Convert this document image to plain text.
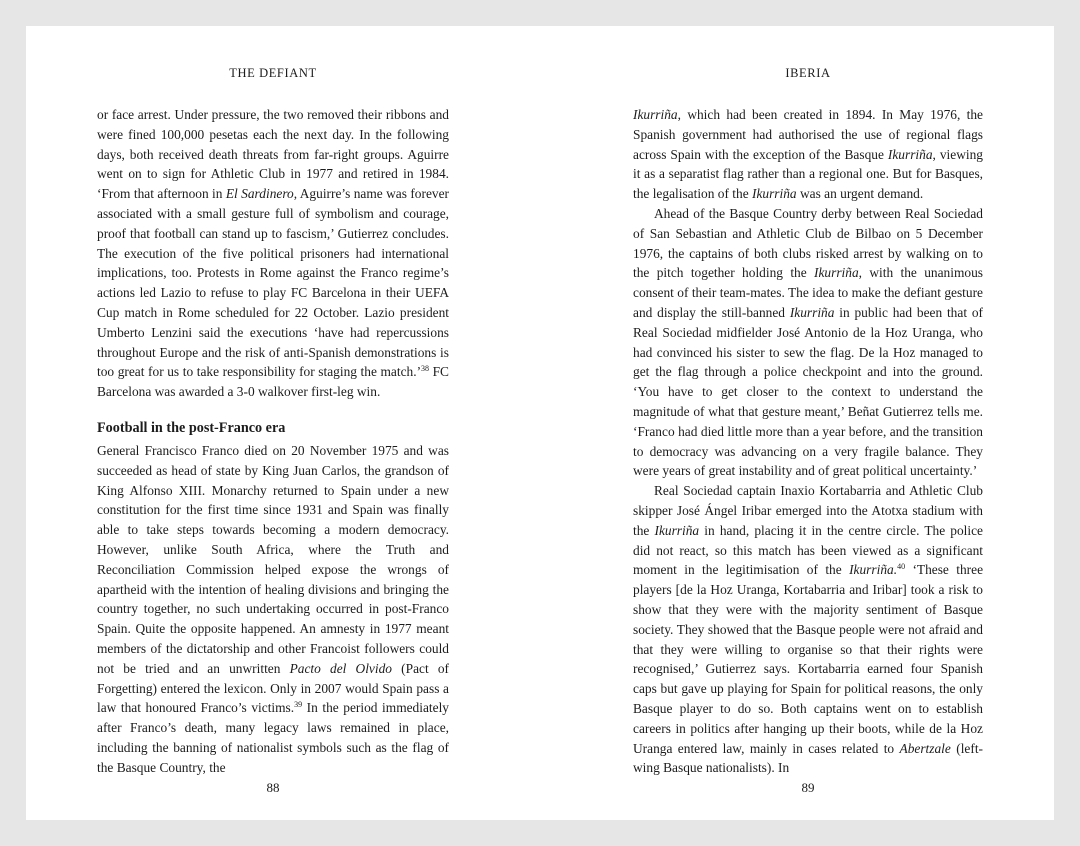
THE DEFIANT

or face arrest. Under pressure, the two removed their ribbons and were fined 100,000 pesetas each the next day. In the following days, both received death threats from far-right groups. Aguirre went on to sign for Athletic Club in 1977 and retired in 1984. ‘From that afternoon in El Sardinero, Aguirre’s name was forever associated with a small gesture full of symbolism and courage, proof that football can stand up to fascism,’ Gutierrez concludes. The execution of the five political prisoners had international implications, too. Protests in Rome against the Franco regime’s actions led Lazio to refuse to play FC Barcelona in their UEFA Cup match in Rome scheduled for 22 October. Lazio president Umberto Lenzini said the executions ‘have had repercussions throughout Europe and the risk of anti-Spanish demonstrations is too great for us to take responsibility for staging the match.’$^{38}$ FC Barcelona was awarded a 3-0 walkover first-leg win.

Football in the post-Franco era

General Francisco Franco died on 20 November 1975 and was succeeded as head of state by King Juan Carlos, the grandson of King Alfonso XIII. Monarchy returned to Spain under a new constitution for the first time since 1931 and Spain was finally able to take steps towards becoming a modern democracy. However, unlike South Africa, where the Truth and Reconciliation Commission helped expose the wrongs of apartheid with the intention of healing divisions and bringing the country together, no such undertaking occurred in post-Franco Spain. Quite the opposite happened. An amnesty in 1977 meant members of the dictatorship and other Francoist followers could not be tried and an unwritten Pacto del Olvido (Pact of Forgetting) entered the lexicon. Only in 2007 would Spain pass a law that honoured Franco’s victims.$^{39}$ In the period immediately after Franco’s death, many legacy laws remained in place, including the banning of nationalist symbols such as the flag of the Basque Country, the

88
IBERIA

Ikurriña, which had been created in 1894. In May 1976, the Spanish government had authorised the use of regional flags across Spain with the exception of the Basque Ikurriña, viewing it as a separatist flag rather than a regional one. But for Basques, the legalisation of the Ikurriña was an urgent demand.

Ahead of the Basque Country derby between Real Sociedad of San Sebastian and Athletic Club de Bilbao on 5 December 1976, the captains of both clubs risked arrest by walking on to the pitch together holding the Ikurriña, with the unanimous consent of their team-mates. The idea to make the defiant gesture and display the still-banned Ikurriña in public had been that of Real Sociedad midfielder José Antonio de la Hoz Uranga, who had convinced his sister to sew the flag. De la Hoz managed to get the flag through a police checkpoint and into the ground. ‘You have to get closer to the context to understand the magnitude of what that gesture meant,’ Beñat Gutierrez tells me. ‘Franco had died little more than a year before, and the transition to democracy was advancing on a very fragile balance. They were years of great instability and of great political uncertainty.’

Real Sociedad captain Inaxio Kortabarria and Athletic Club skipper José Ángel Iribar emerged into the Atotxa stadium with the Ikurriña in hand, placing it in the centre circle. The police did not react, so this match has been viewed as a significant moment in the legitimisation of the Ikurriña.$^{40}$ ‘These three players [de la Hoz Uranga, Kortabarria and Iribar] took a risk to show that they were with the majority sentiment of Basque society. They showed that the Basque people were not afraid and that they were willing to organise so that their rights were recognised,’ Gutierrez says. Kortabarria earned four Spanish caps but gave up playing for Spain for political reasons, the only Basque player to do so. Both captains went on to establish careers in politics after hanging up their boots, while de la Hoz Uranga entered law, mainly in cases related to Abertzale (left-wing Basque nationalists). In

89
